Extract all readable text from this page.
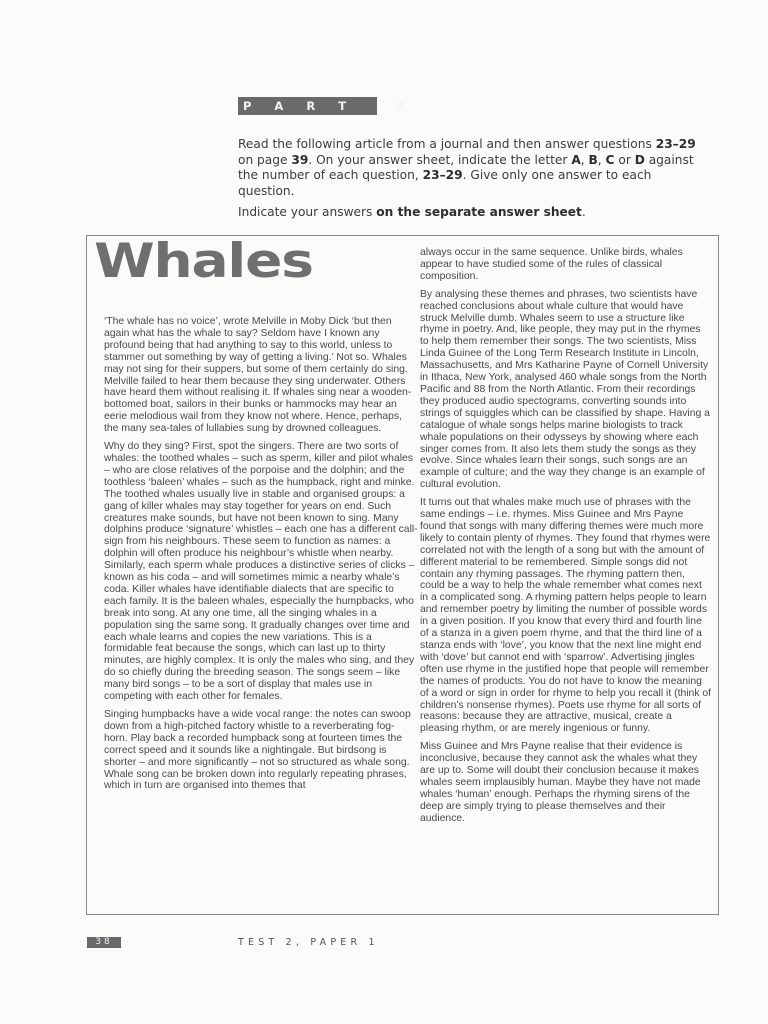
P A R T   3

Read the following article from a journal and then answer questions 23–29 on page 39. On your answer sheet, indicate the letter A, B, C or D against the number of each question, 23–29. Give only one answer to each question.

Indicate your answers on the separate answer sheet.

Whales

‘The whale has no voice’, wrote Melville in Moby Dick ‘but then again what has the whale to say? Seldom have I known any profound being that had anything to say to this world, unless to stammer out something by way of getting a living.’ Not so. Whales may not sing for their suppers, but some of them certainly do sing. Melville failed to hear them because they sing underwater. Others have heard them without realising it. If whales sing near a wooden-bottomed boat, sailors in their bunks or hammocks may hear an eerie melodious wail from they know not where. Hence, perhaps, the many sea-tales of lullabies sung by drowned colleagues.

Why do they sing? First, spot the singers. There are two sorts of whales: the toothed whales – such as sperm, killer and pilot whales – who are close relatives of the porpoise and the dolphin; and the toothless ‘baleen’ whales – such as the humpback, right and minke. The toothed whales usually live in stable and organised groups: a gang of killer whales may stay together for years on end. Such creatures make sounds, but have not been known to sing. Many dolphins produce ‘signature’ whistles – each one has a different call-sign from his neighbours. These seem to function as names: a dolphin will often produce his neighbour’s whistle when nearby. Similarly, each sperm whale produces a distinctive series of clicks – known as his coda – and will sometimes mimic a nearby whale’s coda. Killer whales have identifiable dialects that are specific to each family. It is the baleen whales, especially the humpbacks, who break into song. At any one time, all the singing whales in a population sing the same song. It gradually changes over time and each whale learns and copies the new variations. This is a formidable feat because the songs, which can last up to thirty minutes, are highly complex. It is only the males who sing, and they do so chiefly during the breeding season. The songs seem – like many bird songs – to be a sort of display that males use in competing with each other for females.

Singing humpbacks have a wide vocal range: the notes can swoop down from a high-pitched factory whistle to a reverberating fog-horn. Play back a recorded humpback song at fourteen times the correct speed and it sounds like a nightingale. But birdsong is shorter – and more significantly – not so structured as whale song. Whale song can be broken down into regularly repeating phrases, which in turn are organised into themes that

always occur in the same sequence. Unlike birds, whales appear to have studied some of the rules of classical composition.

By analysing these themes and phrases, two scientists have reached conclusions about whale culture that would have struck Melville dumb. Whales seem to use a structure like rhyme in poetry. And, like people, they may put in the rhymes to help them remember their songs. The two scientists, Miss Linda Guinee of the Long Term Research Institute in Lincoln, Massachusetts, and Mrs Katharine Payne of Cornell University in Ithaca, New York, analysed 460 whale songs from the North Pacific and 88 from the North Atlantic. From their recordings they produced audio spectograms, converting sounds into strings of squiggles which can be classified by shape. Having a catalogue of whale songs helps marine biologists to track whale populations on their odysseys by showing where each singer comes from. It also lets them study the songs as they evolve. Since whales learn their songs, such songs are an example of culture; and the way they change is an example of cultural evolution.

It turns out that whales make much use of phrases with the same endings – i.e. rhymes. Miss Guinee and Mrs Payne found that songs with many differing themes were much more likely to contain plenty of rhymes. They found that rhymes were correlated not with the length of a song but with the amount of different material to be remembered. Simple songs did not contain any rhyming passages. The rhyming pattern then, could be a way to help the whale remember what comes next in a complicated song. A rhyming pattern helps people to learn and remember poetry by limiting the number of possible words in a given position. If you know that every third and fourth line of a stanza in a given poem rhyme, and that the third line of a stanza ends with ‘love’, you know that the next line might end with ‘dove’ but cannot end with ‘sparrow’. Advertising jingles often use rhyme in the justified hope that people will remember the names of products. You do not have to know the meaning of a word or sign in order for rhyme to help you recall it (think of children’s nonsense rhymes). Poets use rhyme for all sorts of reasons: because they are attractive, musical, create a pleasing rhythm, or are merely ingenious or funny.

Miss Guinee and Mrs Payne realise that their evidence is inconclusive, because they cannot ask the whales what they are up to. Some will doubt their conclusion because it makes whales seem implausibly human. Maybe they have not made whales ‘human’ enough. Perhaps the rhyming sirens of the deep are simply trying to please themselves and their audience.

38	TEST 2, PAPER 1
